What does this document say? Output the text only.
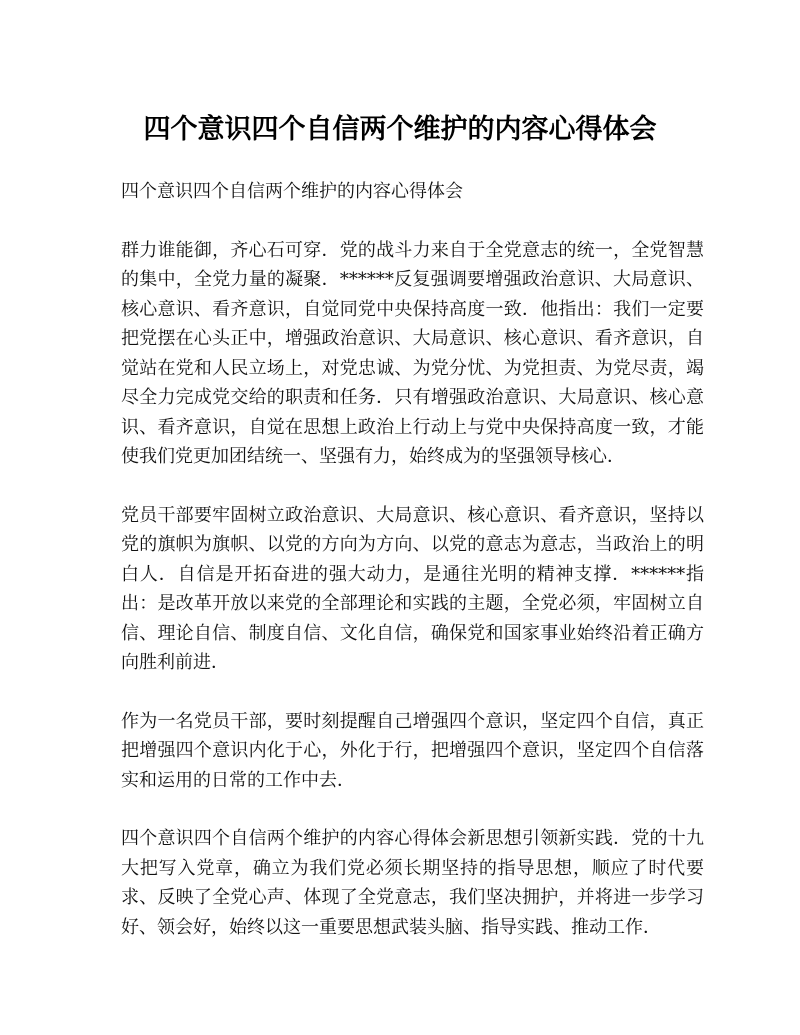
四个意识四个自信两个维护的内容心得体会

四个意识四个自信两个维护的内容心得体会

群力谁能御，齐心石可穿．党的战斗力来自于全党意志的统一，全党智慧的集中，全党力量的凝聚．******反复强调要增强政治意识、大局意识、核心意识、看齐意识，自觉同党中央保持高度一致．他指出：我们一定要把党摆在心头正中，增强政治意识、大局意识、核心意识、看齐意识，自觉站在党和人民立场上，对党忠诚、为党分忧、为党担责、为党尽责，竭尽全力完成党交给的职责和任务．只有增强政治意识、大局意识、核心意识、看齐意识，自觉在思想上政治上行动上与党中央保持高度一致，才能使我们党更加团结统一、坚强有力，始终成为的坚强领导核心．

党员干部要牢固树立政治意识、大局意识、核心意识、看齐意识，坚持以党的旗帜为旗帜、以党的方向为方向、以党的意志为意志，当政治上的明白人．自信是开拓奋进的强大动力，是通往光明的精神支撑．******指出：是改革开放以来党的全部理论和实践的主题，全党必须，牢固树立自信、理论自信、制度自信、文化自信，确保党和国家事业始终沿着正确方向胜利前进．

作为一名党员干部，要时刻提醒自己增强四个意识，坚定四个自信，真正把增强四个意识内化于心，外化于行，把增强四个意识，坚定四个自信落实和运用的日常的工作中去．

四个意识四个自信两个维护的内容心得体会新思想引领新实践．党的十九大把写入党章，确立为我们党必须长期坚持的指导思想，顺应了时代要求、反映了全党心声、体现了全党意志，我们坚决拥护，并将进一步学习好、领会好，始终以这一重要思想武装头脑、指导实践、推动工作．
